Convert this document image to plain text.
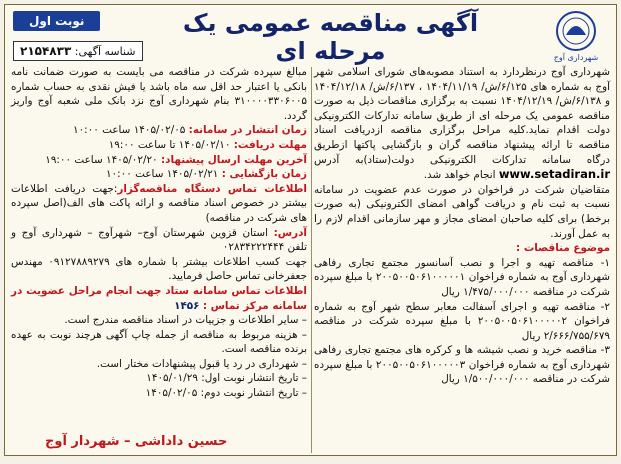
شهرداری آوج
آگهی مناقصه عمومی یک مرحله ای
نوبت اول
شناسه آگهی: ۲۱۵۴۸۳۳

شهرداری آوج درنظردارد به استناد مصوبه‌های شورای اسلامی شهر آوج به شماره های ۶/۱۲۵/ش/ ۱۴۰۴/۱۱/۱۹ ، ۶/۱۳۷/ش/ ۱۴۰۴/۱۲/۱۸ و ۶/۱۳۸/ش/ ۱۴۰۴/۱۲/۱۹ نسبت به برگزاری مناقصات ذیل به صورت مناقصه عمومی یک مرحله ای از طریق سامانه تدارکات الکترونیکی دولت اقدام نماید.کلیه مراحل برگزاری مناقصه ازدریافت اسناد مناقصه تا ارائه پیشنهاد مناقصه گران و بازگشایی پاکتها ازطریق درگاه سامانه تدارکات الکترونیکی دولت(ستاد)به آدرس www.setadiran.ir انجام خواهد شد.

متقاضیان شرکت در فراخوان در صورت عدم عضویت در سامانه نسبت به ثبت نام و دریافت گواهی امضای الکترونیکی (به صورت برخط) برای کلیه صاحبان امضای مجاز و مهر سازمانی اقدام لازم را به عمل آورند.

موضوع مناقصات :

۱- مناقصه تهیه و اجرا و نصب آسانسور مجتمع تجاری رفاهی شهرداری آوج به شماره فراخوان ۲۰۰۵۰۰۵۰۶۱۰۰۰۰۰۱ با مبلغ سپرده شرکت در مناقصه ۱/۴۷۵/۰۰۰/۰۰۰ ریال

۲- مناقصه تهیه و اجرای آسفالت معابر سطح شهر آوج به شماره فراخوان ۲۰۰۵۰۰۵۰۶۱۰۰۰۰۰۲ با مبلغ سپرده شرکت در مناقصه ۲/۶۶۶/۷۵۵/۶۷۹ ریال

۳- مناقصه خرید و نصب شیشه ها و کرکره های مجتمع تجاری رفاهی شهرداری آوج به شماره فراخوان ۲۰۰۵۰۰۵۰۶۱۰۰۰۰۰۳ با مبلغ سپرده شرکت در مناقصه ۱/۵۰۰/۰۰۰/۰۰۰ ریال

مبالغ سپرده شرکت در مناقصه می بایست به صورت ضمانت نامه بانکی یا اعتبار حد اقل سه ماه باشد یا فیش نقدی به حساب شماره ۳۱۰۰۰۰۳۳۰۶۰۰۵ بنام شهرداری آوج نزد بانک ملی شعبه آوج واریز گردد.

زمان انتشار در سامانه: ۱۴۰۵/۰۲/۰۵ ساعت ۱۰:۰۰

مهلت دریافت: ۱۴۰۵/۰۲/۱۰ تا ساعت ۱۹:۰۰

آخرین مهلت ارسال پیشنهاد: ۱۴۰۵/۰۲/۲۰ ساعت ۱۹:۰۰

زمان بازگشایی : ۱۴۰۵/۰۲/۲۱ ساعت ۱۰:۰۰

اطلاعات تماس دستگاه مناقصه‌گزار:جهت دریافت اطلاعات بیشتر در خصوص اسناد مناقصه و ارائه پاکت های الف(اصل سپرده های شرکت در مناقصه)

آدرس: استان قزوین شهرستان آوج– شهرآوج – شهرداری آوج و تلفن ۰۲۸۳۴۲۲۲۴۴۴

جهت کسب اطلاعات بیشتر با شماره های ۰۹۱۲۷۸۸۹۲۷۹ مهندس جعفرخانی تماس حاصل فرمایید.

اطلاعات تماس سامانه ستاد جهت انجام مراحل عضویت در سامانه مرکز تماس : ۱۴۵۶

– سایر اطلاعات و جزییات در اسناد مناقصه مندرج است.

– هزینه مربوط به مناقصه از جمله چاپ آگهی هرچند نوبت به عهده برنده مناقصه است.

– شهرداری در رد یا قبول پیشنهادات مختار است.

– تاریخ انتشار نوبت اول: ۱۴۰۵/۰۱/۲۹

– تاریخ انتشار نوبت دوم: ۱۴۰۵/۰۲/۰۵

حسین داداشی – شهردار آوج
